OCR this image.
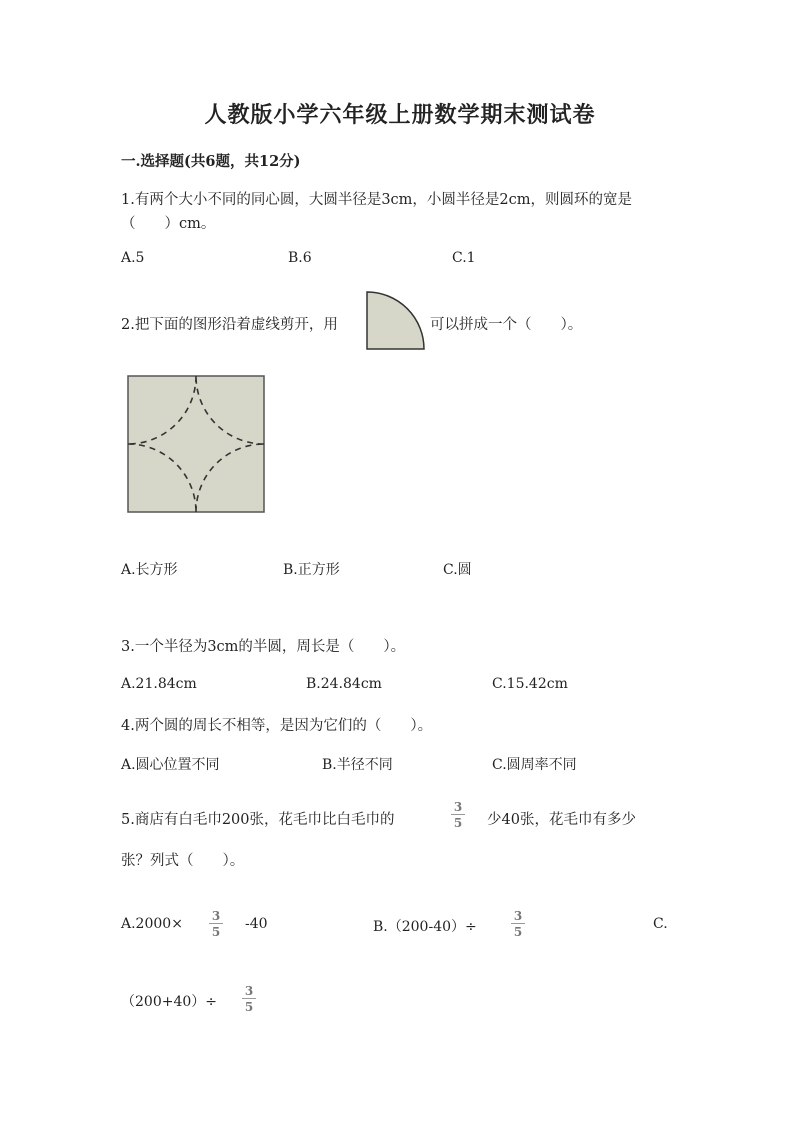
人教版小学六年级上册数学期末测试卷
一.选择题(共6题，共12分)
1.有两个大小不同的同心圆，大圆半径是3cm，小圆半径是2cm，则圆环的宽是
（　　）cm。
A.5	B.6	C.1
2.把下面的图形沿着虚线剪开，用	可以拼成一个（　　）。
A.长方形	B.正方形	C.圆
3.一个半径为3cm的半圆，周长是（　　）。
A.21.84cm	B.24.84cm	C.15.42cm
4.两个圆的周长不相等，是因为它们的（　　）。
A.圆心位置不同	B.半径不同	C.圆周率不同
5.商店有白毛巾200张，花毛巾比白毛巾的	$\frac{3}{5}$ 少40张，花毛巾有多少
张？列式（　　）。
$A.2000\times \frac{3}{5} -40$	B.（200-40）÷	$\frac{3}{5}$	C.
$(200+40)\div \frac{3}{5}$
